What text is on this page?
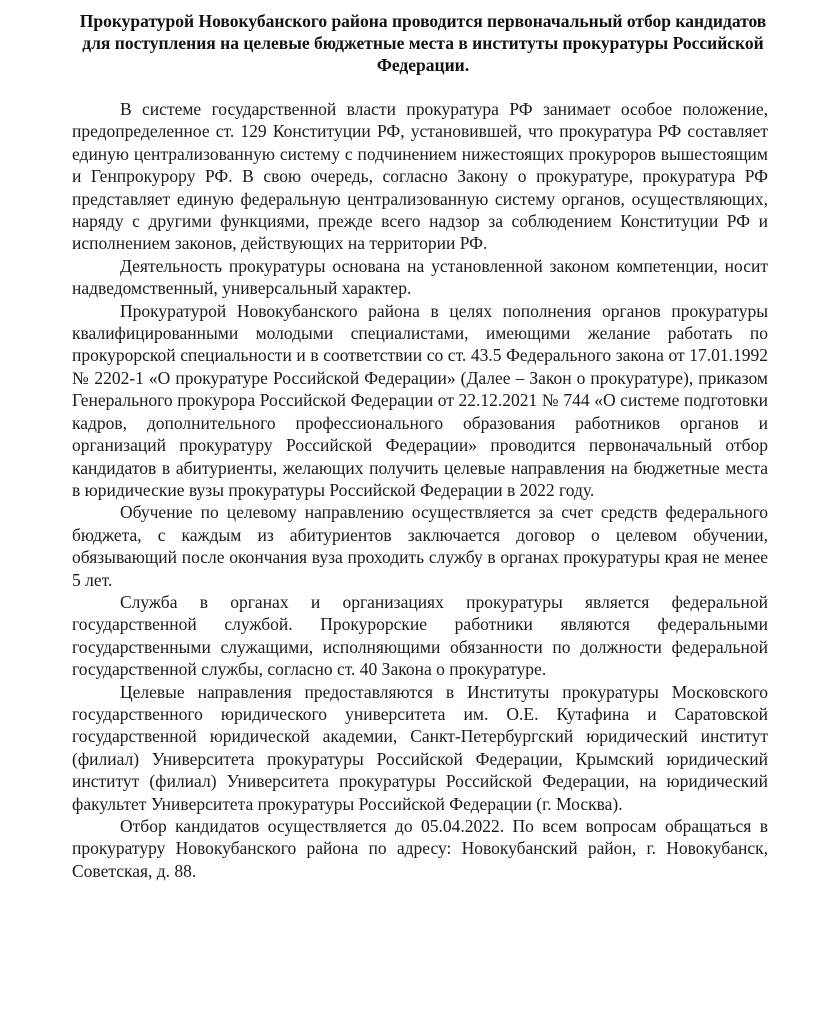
Прокуратурой Новокубанского района проводится первоначальный отбор кандидатов для поступления на целевые бюджетные места в институты прокуратуры Российской Федерации.

В системе государственной власти прокуратура РФ занимает особое положение, предопределенное ст. 129 Конституции РФ, установившей, что прокуратура РФ составляет единую централизованную систему с подчинением нижестоящих прокуроров вышестоящим и Генпрокурору РФ. В свою очередь, согласно Закону о прокуратуре, прокуратура РФ представляет единую федеральную централизованную систему органов, осуществляющих, наряду с другими функциями, прежде всего надзор за соблюдением Конституции РФ и исполнением законов, действующих на территории РФ.

Деятельность прокуратуры основана на установленной законом компетенции, носит надведомственный, универсальный характер.

Прокуратурой Новокубанского района в целях пополнения органов прокуратуры квалифицированными молодыми специалистами, имеющими желание работать по прокурорской специальности и в соответствии со ст. 43.5 Федерального закона от 17.01.1992 № 2202-1 «О прокуратуре Российской Федерации» (Далее – Закон о прокуратуре), приказом Генерального прокурора Российской Федерации от 22.12.2021 № 744 «О системе подготовки кадров, дополнительного профессионального образования работников органов и организаций прокуратуру Российской Федерации» проводится первоначальный отбор кандидатов в абитуриенты, желающих получить целевые направления на бюджетные места в юридические вузы прокуратуры Российской Федерации в 2022 году.

Обучение по целевому направлению осуществляется за счет средств федерального бюджета, с каждым из абитуриентов заключается договор о целевом обучении, обязывающий после окончания вуза проходить службу в органах прокуратуры края не менее 5 лет.

Служба в органах и организациях прокуратуры является федеральной государственной службой. Прокурорские работники являются федеральными государственными служащими, исполняющими обязанности по должности федеральной государственной службы, согласно ст. 40 Закона о прокуратуре.

Целевые направления предоставляются в Институты прокуратуры Московского государственного юридического университета им. О.Е. Кутафина и Саратовской государственной юридической академии, Санкт-Петербургский юридический институт (филиал) Университета прокуратуры Российской Федерации, Крымский юридический институт (филиал) Университета прокуратуры Российской Федерации, на юридический факультет Университета прокуратуры Российской Федерации (г. Москва).

Отбор кандидатов осуществляется до 05.04.2022. По всем вопросам обращаться в прокуратуру Новокубанского района по адресу: Новокубанский район, г. Новокубанск, Советская, д. 88.
